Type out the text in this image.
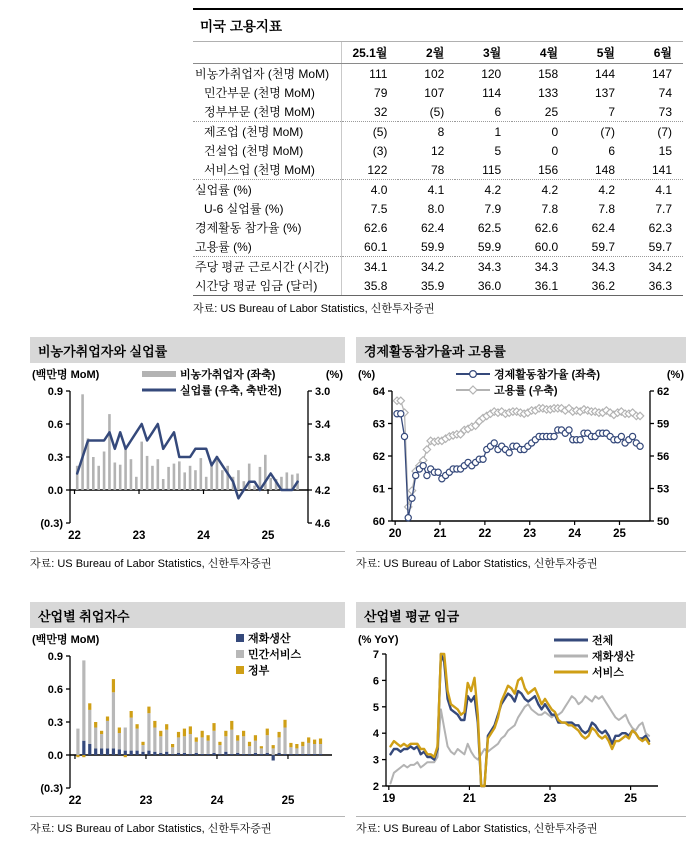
미국 고용지표
	25.1월	2월	3월	4월	5월	6월
비농가취업자 (천명 MoM)	111	102	120	158	144	147
민간부문 (천명 MoM)	79	107	114	133	137	74
정부부문 (천명 MoM)	32	(5)	6	25	7	73
제조업 (천명 MoM)	(5)	8	1	0	(7)	(7)
건설업 (천명 MoM)	(3)	12	5	0	6	15
서비스업 (천명 MoM)	122	78	115	156	148	141
실업률 (%)	4.0	4.1	4.2	4.2	4.2	4.1
U-6 실업률 (%)	7.5	8.0	7.9	7.8	7.8	7.7
경제활동 참가율 (%)	62.6	62.4	62.5	62.6	62.4	62.3
고용률 (%)	60.1	59.9	59.9	60.0	59.7	59.7
주당 평균 근로시간 (시간)	34.1	34.2	34.3	34.3	34.3	34.2
시간당 평균 임금 (달러)	35.8	35.9	36.0	36.1	36.2	36.3
자료: US Bureau of Labor Statistics, 신한투자증권
비농가취업자와 실업률
0.9
0.6
0.3
0.0
(0.3)
3.0
3.4
3.8
4.2
4.6
22	23	24	25
(백만명 MoM)	(%)
비농가취업자 (좌축)
실업률 (우축, 축반전)
자료: US Bureau of Labor Statistics, 신한투자증권
경제활동참가율과 고용률
64
63
62
61
60
62
59
56
53
50
20	21	22	23	24	25
(%)	(%)
경제활동참가율 (좌축)
고용률 (우축)
자료: US Bureau of Labor Statistics, 신한투자증권
산업별 취업자수
0.9
0.6
0.3
0.0
(0.3)
22	23	24	25
(백만명 MoM)	재화생산
민간서비스
정부
자료: US Bureau of Labor Statistics, 신한투자증권
산업별 평균 임금
7
6
5
4
3
2
19	21	23	25
(% YoY)	전체
재화생산
서비스
자료: US Bureau of Labor Statistics, 신한투자증권
